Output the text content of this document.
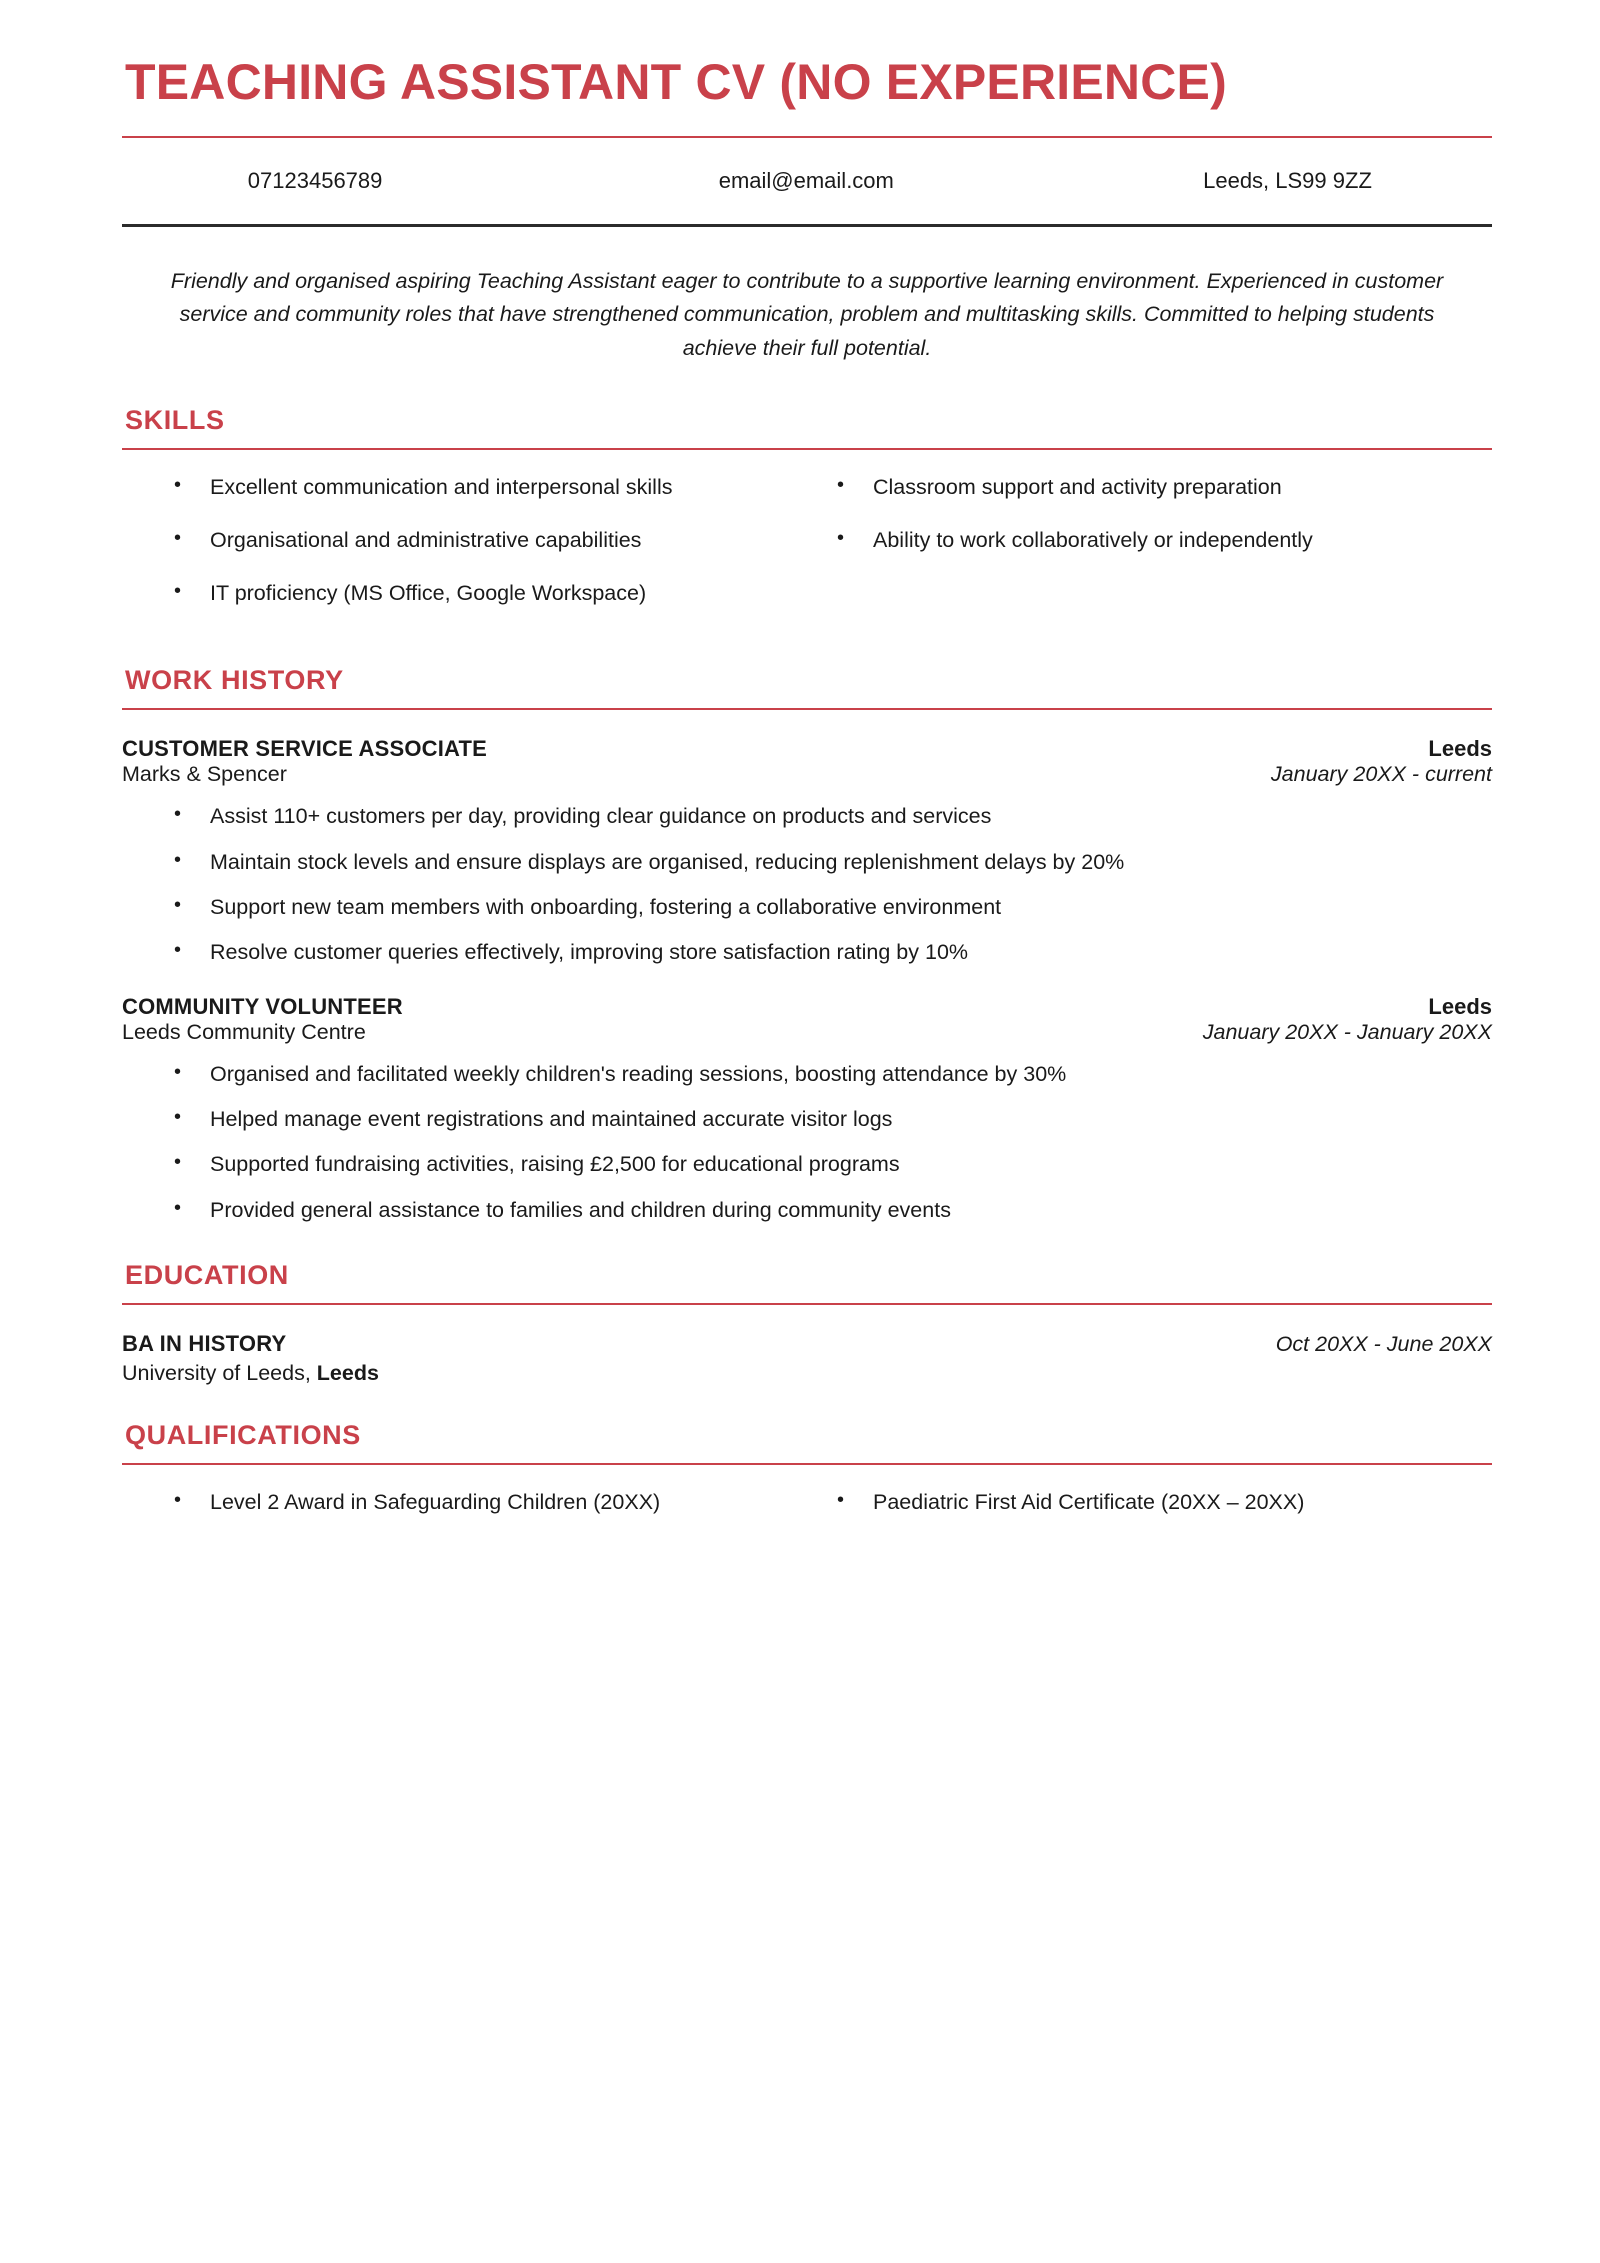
TEACHING ASSISTANT CV (NO EXPERIENCE)
07123456789	email@email.com	Leeds, LS99 9ZZ
Friendly and organised aspiring Teaching Assistant eager to contribute to a supportive learning environment. Experienced in customer service and community roles that have strengthened communication, problem and multitasking skills. Committed to helping students achieve their full potential.
SKILLS
• Excellent communication and interpersonal skills
• Organisational and administrative capabilities
• IT proficiency (MS Office, Google Workspace)
• Classroom support and activity preparation
• Ability to work collaboratively or independently
WORK HISTORY
CUSTOMER SERVICE ASSOCIATE	Leeds
Marks & Spencer	January 20XX - current
• Assist 110+ customers per day, providing clear guidance on products and services
• Maintain stock levels and ensure displays are organised, reducing replenishment delays by 20%
• Support new team members with onboarding, fostering a collaborative environment
• Resolve customer queries effectively, improving store satisfaction rating by 10%
COMMUNITY VOLUNTEER	Leeds
Leeds Community Centre	January 20XX - January 20XX
• Organised and facilitated weekly children's reading sessions, boosting attendance by 30%
• Helped manage event registrations and maintained accurate visitor logs
• Supported fundraising activities, raising £2,500 for educational programs
• Provided general assistance to families and children during community events
EDUCATION
BA IN HISTORY	Oct 20XX - June 20XX
University of Leeds, Leeds
QUALIFICATIONS
• Level 2 Award in Safeguarding Children (20XX)	• Paediatric First Aid Certificate (20XX – 20XX)
